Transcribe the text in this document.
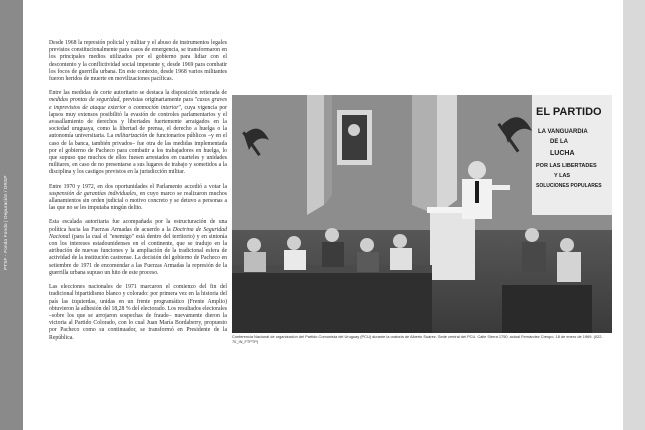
PTSF - Fondo Fondo | Depuración / DRSP

Desde 1968 la represión policial y militar y el abuso de instrumentos legales previstos constitucionalmente para casos de emergencia, se transformaron en los principales medios utilizados por el gobierno para lidiar con el descontento y la conflictividad social imperante y, desde 1969 para combatir los focos de guerrilla urbana. En este contexto, desde 1968 varios militantes fueron heridos de muerte en movilizaciones pacíficas.

Entre las medidas de corte autoritario se destaca la disposición reiterada de medidas prontas de seguridad, previstas originariamente para "casos graves e imprevistos de ataque exterior o conmoción interior", cuya vigencia por lapsos muy extensos posibilitó la evasión de controles parlamentarios y el avasallamiento de derechos y libertades fuertemente arraigados en la sociedad uruguaya, como la libertad de prensa, el derecho a huelga o la autonomía universitaria. La militarización de funcionarios públicos –y en el caso de la banca, también privados– fue otra de las medidas implementada por el gobierno de Pacheco para combatir a los trabajadores en huelga, lo que supuso que muchos de ellos fuesen arrestados en cuarteles y unidades militares, en caso de no presentarse a sus lugares de trabajo y sometidos a la disciplina y los castigos previstos en la jurisdicción militar.

Entre 1970 y 1972, en dos oportunidades el Parlamento accedió a votar la suspensión de garantías individuales, en cuyo marco se realizaron muchos allanamientos sin orden judicial o motivo concreto y se detuvo a personas a las que no se les imputaba ningún delito.

Esta escalada autoritaria fue acompañada por la estructuración de una política hacia las Fuerzas Armadas de acuerdo a la Doctrina de Seguridad Nacional (para la cual el "enemigo" está dentro del territorio) y en sintonía con los intereses estadounidenses en el continente, que se tradujo en la atribución de nuevas funciones y la ampliación de la tradicional esfera de actividad de la institución castrense. La decisión del gobierno de Pacheco en setiembre de 1971 de encomendar a las Fuerzas Armadas la represión de la guerrilla urbana supuso un hito de este proceso.

Las elecciones nacionales de 1971 marcaron el comienzo del fin del tradicional bipartidismo blanco y colorado: por primera vez en la historia del país las izquierdas, unidas en un frente programático (Frente Amplio) obtuvieron la adhesión del 18,28 % del electorado. Los resultados electorales –sobre los que se arrojaron sospechas de fraude– nuevamente dieron la victoria al Partido Colorado, con lo cual Juan María Bordaberry, propuesto por Pacheco como su continuador, se transformó en Presidente de la República.

EL PARTIDO
LA VANGUARDIA
DE LA
LUCHA
POR LAS LIBERTADES
Y LAS
SOLUCIONES POPULARES
Conferencia Nacional de organización del Partido Comunista del Uruguay (PCU) durante la oratoria de Alberto Suárez. Sede central del PCU. Calle Sierra 1750, actual Fernández Crespo. 18 de enero de 1969. (022-70_IN_FTPTP)
